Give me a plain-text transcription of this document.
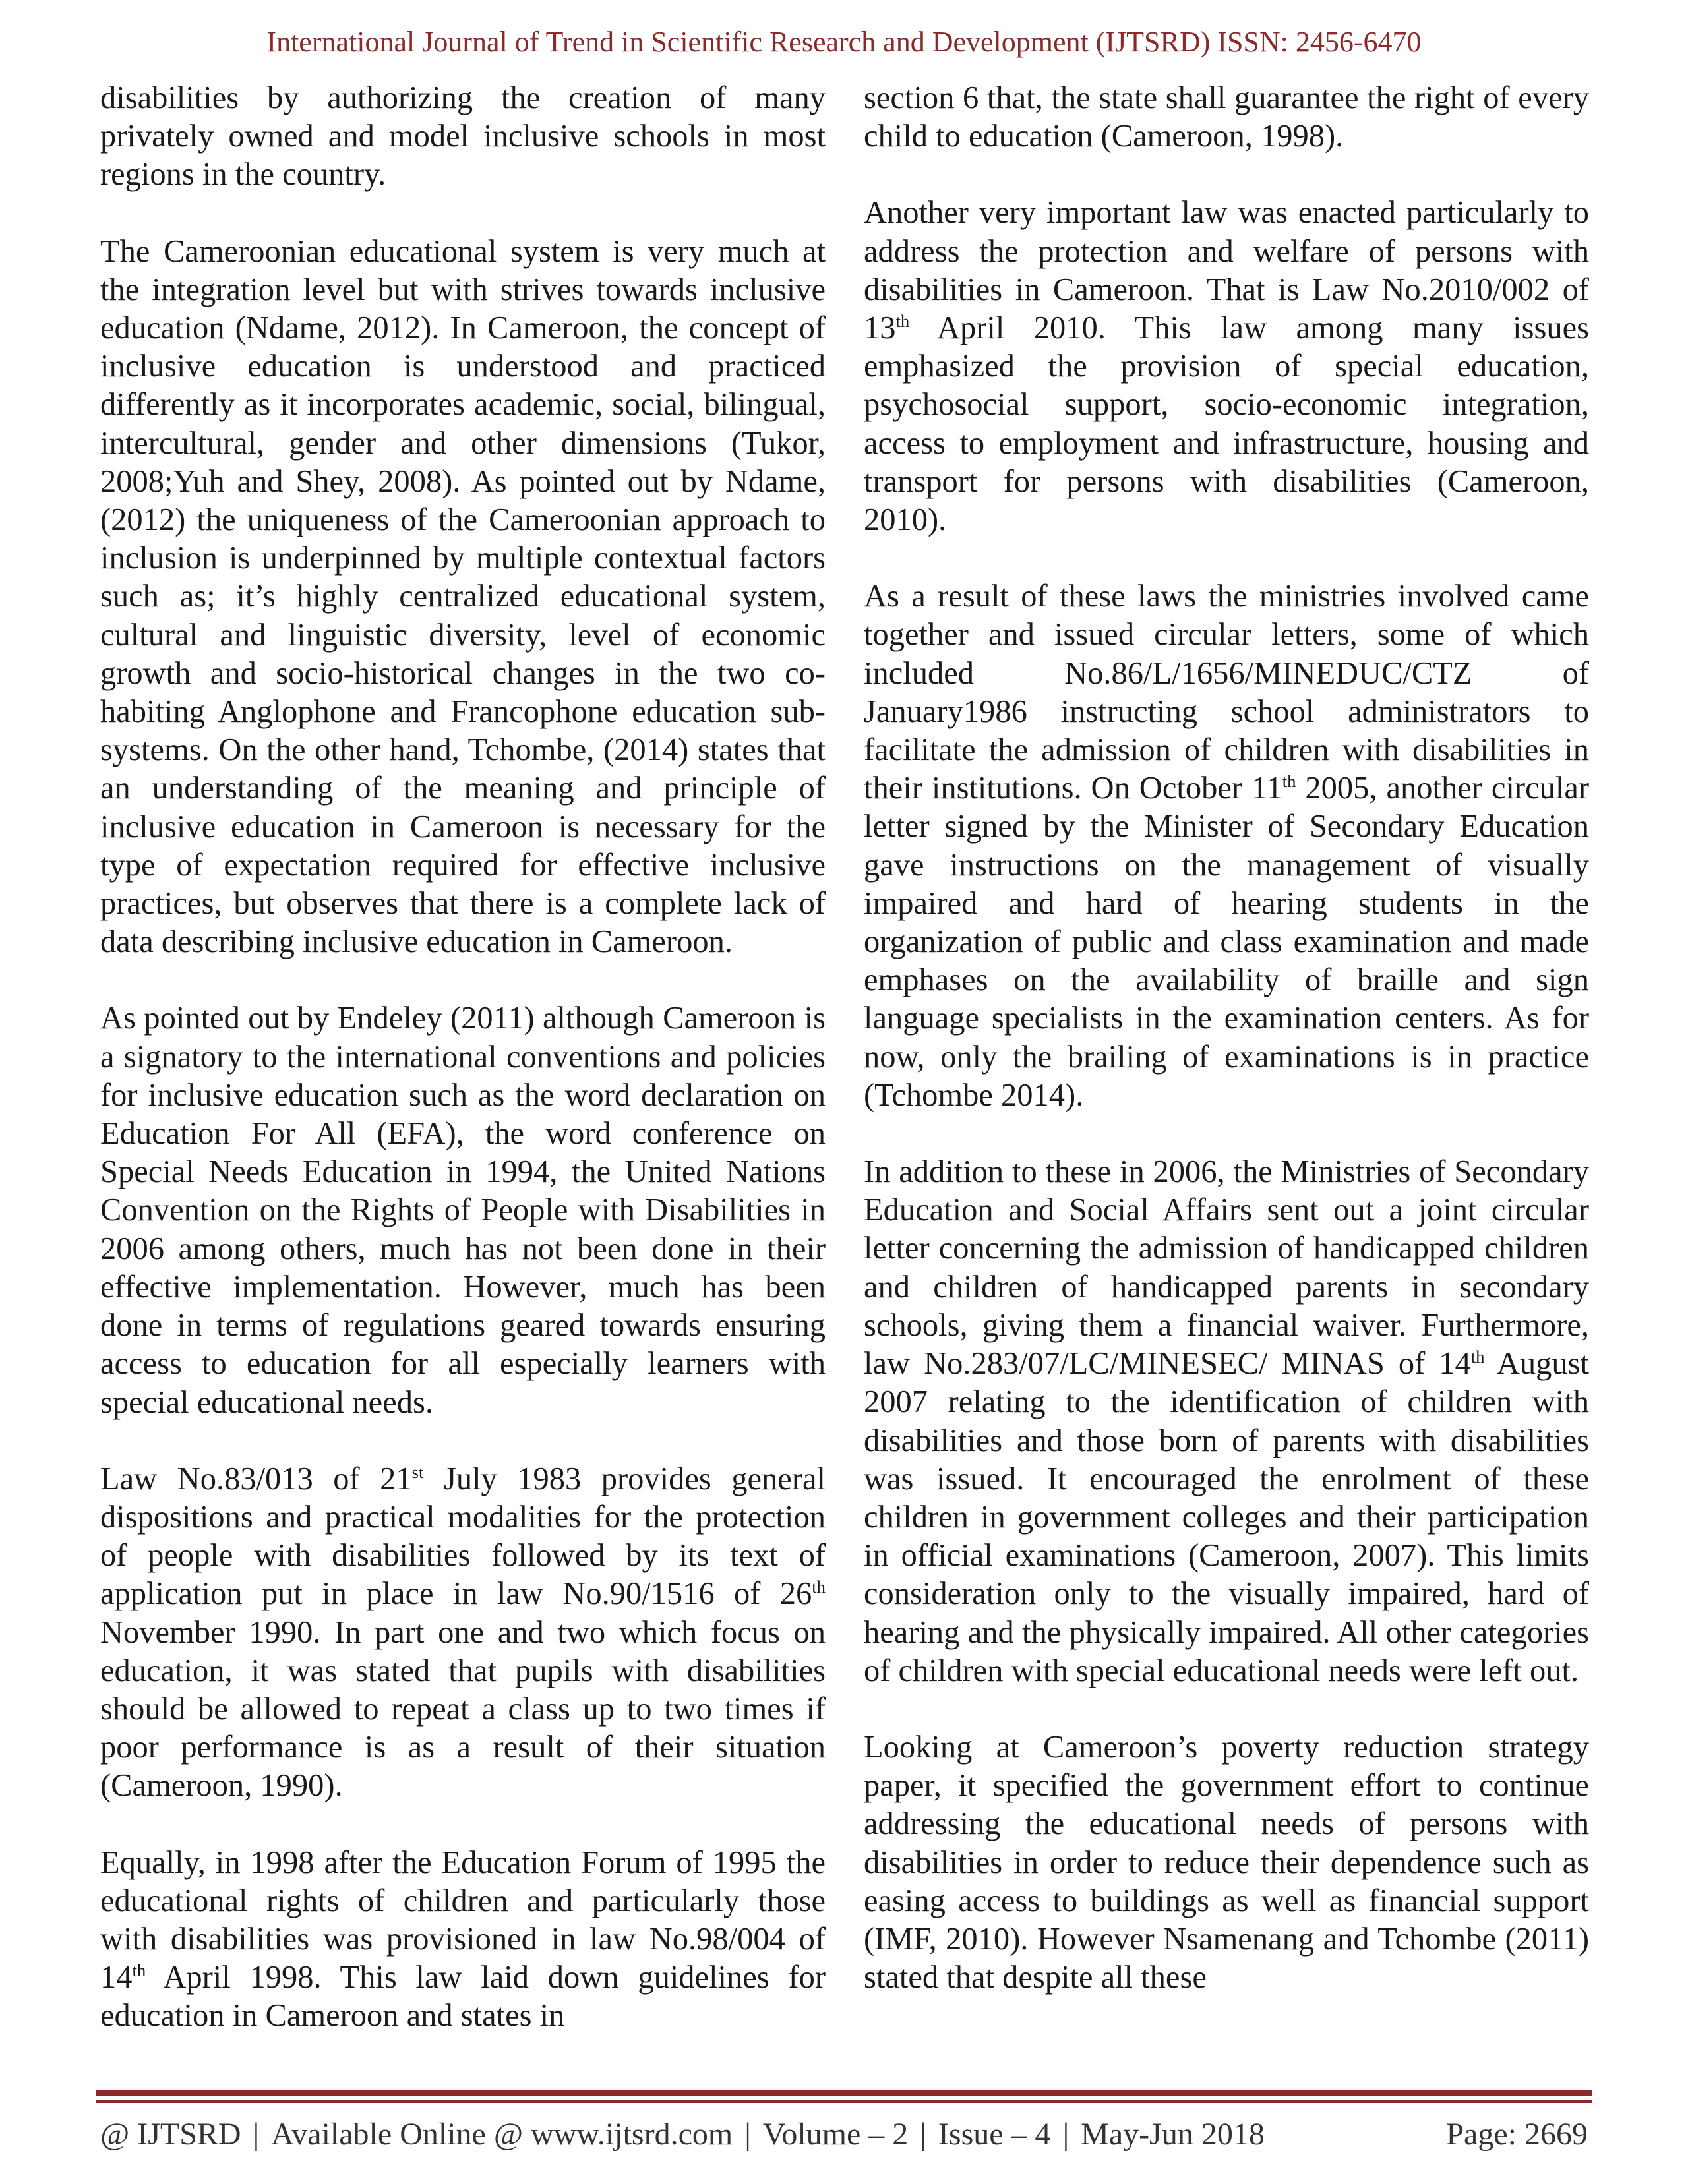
International Journal of Trend in Scientific Research and Development (IJTSRD) ISSN: 2456-6470

disabilities by authorizing the creation of many privately owned and model inclusive schools in most regions in the country.

The Cameroonian educational system is very much at the integration level but with strives towards inclusive education (Ndame, 2012). In Cameroon, the concept of inclusive education is understood and practiced differently as it incorporates academic, social, bilingual, intercultural, gender and other dimensions (Tukor, 2008;Yuh and Shey, 2008). As pointed out by Ndame, (2012) the uniqueness of the Cameroonian approach to inclusion is underpinned by multiple contextual factors such as; it’s highly centralized educational system, cultural and linguistic diversity, level of economic growth and socio-historical changes in the two co-habiting Anglophone and Francophone education sub-systems. On the other hand, Tchombe, (2014) states that an understanding of the meaning and principle of inclusive education in Cameroon is necessary for the type of expectation required for effective inclusive practices, but observes that there is a complete lack of data describing inclusive education in Cameroon.

As pointed out by Endeley (2011) although Cameroon is a signatory to the international conventions and policies for inclusive education such as the word declaration on Education For All (EFA), the word conference on Special Needs Education in 1994, the United Nations Convention on the Rights of People with Disabilities in 2006 among others, much has not been done in their effective implementation. However, much has been done in terms of regulations geared towards ensuring access to education for all especially learners with special educational needs.

Law No.83/013 of 21st July 1983 provides general dispositions and practical modalities for the protection of people with disabilities followed by its text of application put in place in law No.90/1516 of 26th November 1990. In part one and two which focus on education, it was stated that pupils with disabilities should be allowed to repeat a class up to two times if poor performance is as a result of their situation (Cameroon, 1990).

Equally, in 1998 after the Education Forum of 1995 the educational rights of children and particularly those with disabilities was provisioned in law No.98/004 of 14th April 1998. This law laid down guidelines for education in Cameroon and states in

section 6 that, the state shall guarantee the right of every child to education (Cameroon, 1998).

Another very important law was enacted particularly to address the protection and welfare of persons with disabilities in Cameroon. That is Law No.2010/002 of 13th April 2010. This law among many issues emphasized the provision of special education, psychosocial support, socio-economic integration, access to employment and infrastructure, housing and transport for persons with disabilities (Cameroon, 2010).

As a result of these laws the ministries involved came together and issued circular letters, some of which included No.86/L/1656/MINEDUC/CTZ of January1986 instructing school administrators to facilitate the admission of children with disabilities in their institutions. On October 11th 2005, another circular letter signed by the Minister of Secondary Education gave instructions on the management of visually impaired and hard of hearing students in the organization of public and class examination and made emphases on the availability of braille and sign language specialists in the examination centers. As for now, only the brailing of examinations is in practice (Tchombe 2014).

In addition to these in 2006, the Ministries of Secondary Education and Social Affairs sent out a joint circular letter concerning the admission of handicapped children and children of handicapped parents in secondary schools, giving them a financial waiver. Furthermore, law No.283/07/LC/MINESEC/ MINAS of 14th August 2007 relating to the identification of children with disabilities and those born of parents with disabilities was issued. It encouraged the enrolment of these children in government colleges and their participation in official examinations (Cameroon, 2007). This limits consideration only to the visually impaired, hard of hearing and the physically impaired. All other categories of children with special educational needs were left out.

Looking at Cameroon’s poverty reduction strategy paper, it specified the government effort to continue addressing the educational needs of persons with disabilities in order to reduce their dependence such as easing access to buildings as well as financial support (IMF, 2010). However Nsamenang and Tchombe (2011) stated that despite all these

@ IJTSRD | Available Online @ www.ijtsrd.com | Volume – 2 | Issue – 4 | May-Jun 2018	Page: 2669
